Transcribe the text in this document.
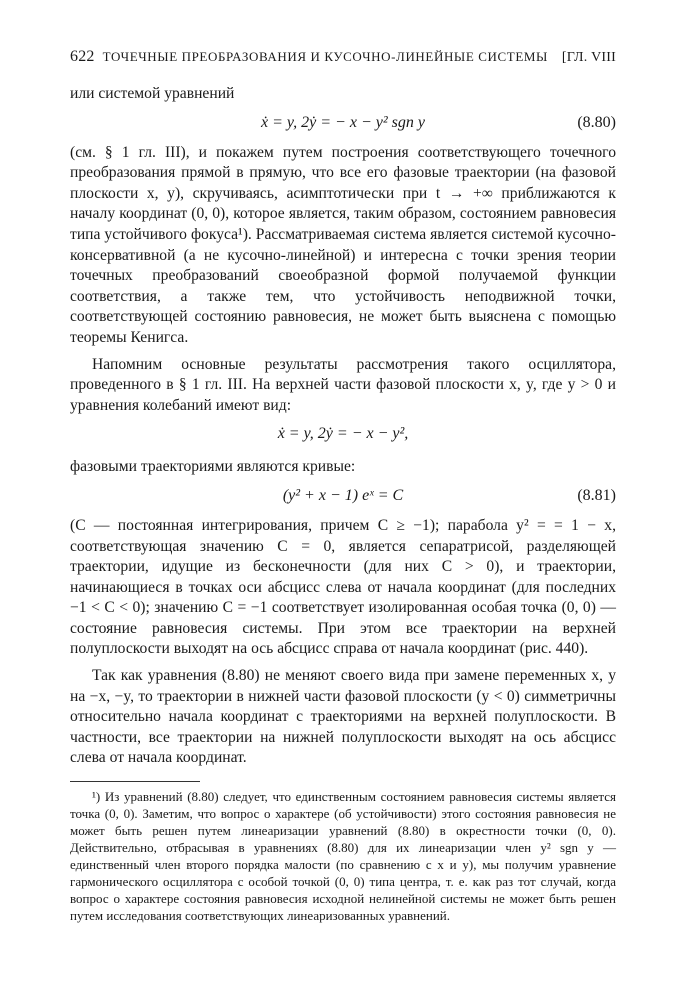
622 ТОЧЕЧНЫЕ ПРЕОБРАЗОВАНИЯ И КУСОЧНО-ЛИНЕЙНЫЕ СИСТЕМЫ [ГЛ. VIII

или системой уравнений

ẋ = y, 2ẏ = − x − y² sgn y	(8.80)

(см. § 1 гл. III), и покажем путем построения соответствующего точечного преобразования прямой в прямую, что все его фазовые траектории (на фазовой плоскости x, y), скручиваясь, асимптотически при t → +∞ приближаются к началу координат (0, 0), которое является, таким образом, состоянием равновесия типа устойчивого фокуса¹). Рассматриваемая система является системой кусочно-консервативной (а не кусочно-линейной) и интересна с точки зрения теории точечных преобразований своеобразной формой получаемой функции соответствия, а также тем, что устойчивость неподвижной точки, соответствующей состоянию равновесия, не может быть выяснена с помощью теоремы Кенигса.

Напомним основные результаты рассмотрения такого осциллятора, проведенного в § 1 гл. III. На верхней части фазовой плоскости x, y, где y > 0 и уравнения колебаний имеют вид:

ẋ = y, 2ẏ = − x − y²,

фазовыми траекториями являются кривые:

(y² + x − 1) eˣ = C	(8.81)

(C — постоянная интегрирования, причем C ≥ −1); парабола y² = = 1 − x, соответствующая значению C = 0, является сепаратрисой, разделяющей траектории, идущие из бесконечности (для них C > 0), и траектории, начинающиеся в точках оси абсцисс слева от начала координат (для последних −1 < C < 0); значению C = −1 соответствует изолированная особая точка (0, 0) — состояние равновесия системы. При этом все траектории на верхней полуплоскости выходят на ось абсцисс справа от начала координат (рис. 440).

Так как уравнения (8.80) не меняют своего вида при замене переменных x, y на −x, −y, то траектории в нижней части фазовой плоскости (y < 0) симметричны относительно начала координат с траекториями на верхней полуплоскости. В частности, все траектории на нижней полуплоскости выходят на ось абсцисс слева от начала координат.

¹) Из уравнений (8.80) следует, что единственным состоянием равновесия системы является точка (0, 0). Заметим, что вопрос о характере (об устойчивости) этого состояния равновесия не может быть решен путем линеаризации уравнений (8.80) в окрестности точки (0, 0). Действительно, отбрасывая в уравнениях (8.80) для их линеаризации член y² sgn y — единственный член второго порядка малости (по сравнению с x и y), мы получим уравнение гармонического осциллятора с особой точкой (0, 0) типа центра, т. е. как раз тот случай, когда вопрос о характере состояния равновесия исходной нелинейной системы не может быть решен путем исследования соответствующих линеаризованных уравнений.
